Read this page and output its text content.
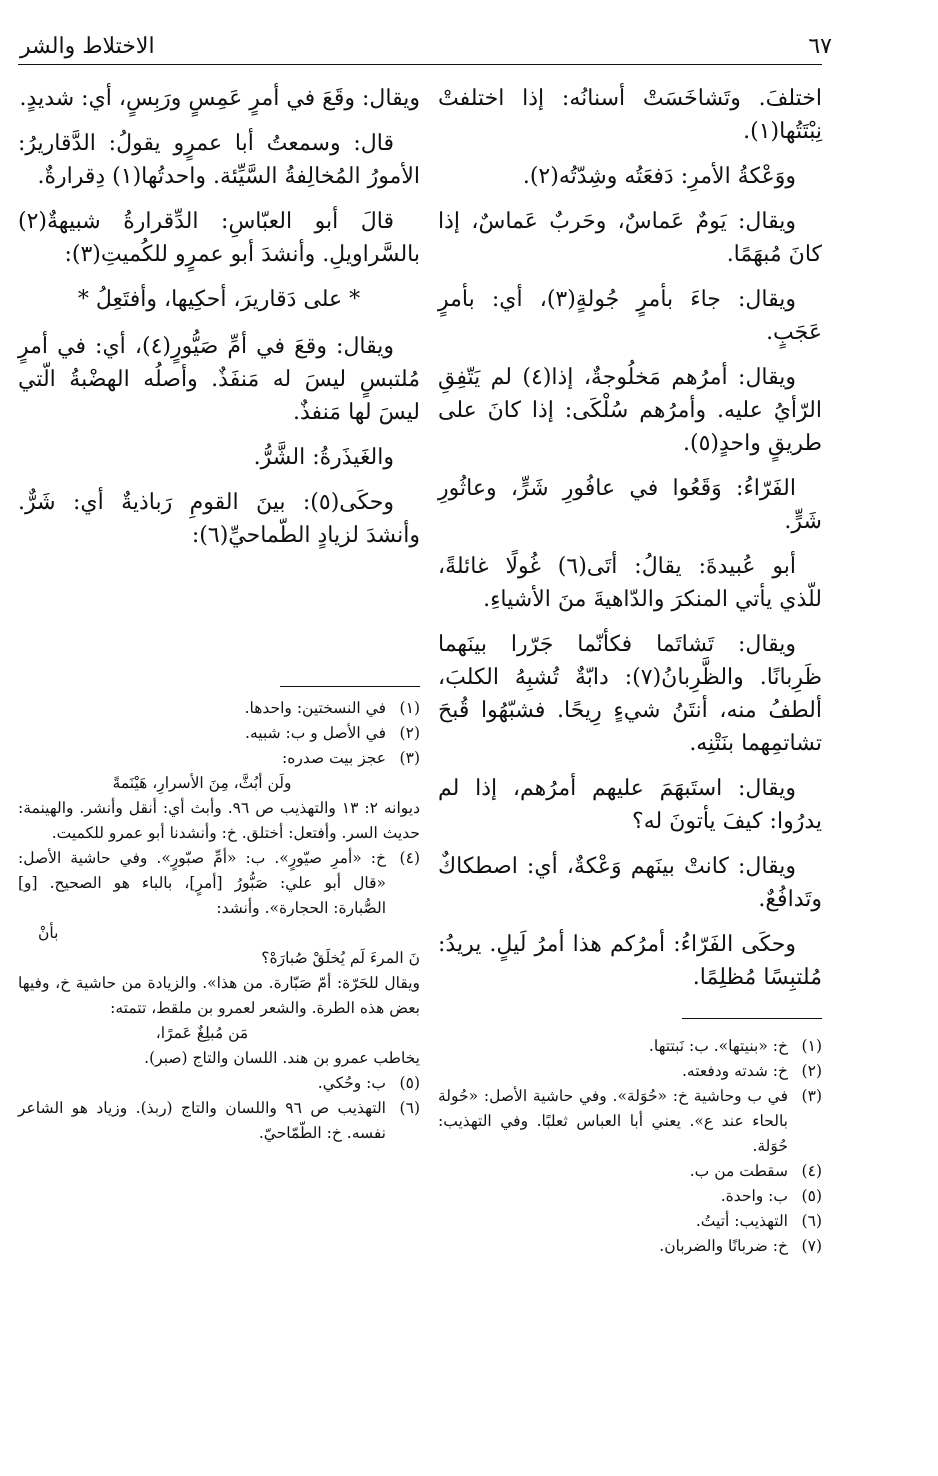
٦٧
الاختلاط والشر

اختلفَ. وتَشاخَسَتْ أسنانُه: إذا اختلفتْ نِبْتَتُها(١).

ووَعْكةُ الأمرِ: دَفعَتُه وشِدّتُه(٢).

ويقال: يَومٌ عَماسٌ، وحَربٌ عَماسٌ، إذا كانَ مُبهَمًا.

ويقال: جاءَ بأمرٍ جُولةٍ(٣)، أي: بأمرٍ عَجَبٍ.

ويقال: أمرُهم مَخلُوجةٌ، إذا(٤) لم يَتّفِقِ الرّأيُ عليه. وأمرُهم سُلْكَى: إذا كانَ على طريقٍ واحدٍ(٥).

الفَرّاءُ: وَقَعُوا في عافُورِ شَرٍّ، وعاثُورِ شَرٍّ.

أبو عُبيدةَ: يقالُ: أتَى(٦) غُولًا غائلةً، للّذي يأتي المنكرَ والدّاهيةَ منَ الأشياءِ.

ويقال: تَشاتَما فكأنّما جَرّرا بينَهما ظَرِبانًا. والظَّرِبانُ(٧): دابّةٌ تُشبِهُ الكلبَ، ألطفُ منه، أنتَنُ شيءٍ رِيحًا. فشبّهُوا قُبحَ تشاتمِهما بنَتْنِه.

ويقال: استَبهَمَ عليهم أمرُهم، إذا لم يدرُوا: كيفَ يأتونَ له؟

ويقال: كانتْ بينَهم وَعْكةٌ، أي: اصطكاكٌ وتَدافُعٌ.

وحكَى الفَرّاءُ: أمرُكم هذا أمرُ لَيلٍ. يريدُ: مُلتبِسًا مُظلِمًا.

(١)
خ: «بنيتها». ب: نَبتتها.
(٢)
خ: شدته ودفعته.
(٣)
في ب وحاشية خ: «حُوَلة». وفي حاشية الأصل: «حُولة بالحاء عند ع». يعني أبا العباس ثعلبًا. وفي التهذيب: حُوَلة.
(٤)
سقطت من ب.
(٥)
ب: واحدة.
(٦)
التهذيب: أتيتُ.
(٧)
خ: ضربانًا والضربان.

ويقال: وقَعَ في أمرٍ عَمِسٍ ورَبِسٍ، أي: شديدٍ.

قال: وسمعتُ أبا عمرٍو يقولُ: الدَّقاريرُ: الأمورُ المُخالِفةُ السَّيِّئة. واحدتُها(١) دِقرارةٌ.

قالَ أبو العبّاسِ: الدِّقرارةُ شبيهةٌ(٢) بالسَّراويلِ. وأنشدَ أبو عمرٍو للكُميتِ(٣):

* على دَقاريرَ، أحكِيها، وأفتَعِلُ *

ويقال: وقعَ في أمِّ صَيُّورٍ(٤)، أي: في أمرٍ مُلتبسٍ ليسَ له مَنفَذٌ. وأصلُه الهضْبةُ الّتي ليسَ لها مَنفذٌ.

والغَيذَرةُ: الشَّرُّ.

وحكَى(٥): بينَ القومِ رَباذيةٌ أي: شَرٌّ. وأنشدَ لزيادٍ الطّماحيِّ(٦):

(١)
في النسختين: واحدها.
(٢)
في الأصل و ب: شبيه.
(٣)
عجز بيت صدره:
ولَن أبُثَّ، مِنَ الأسرارِ، هَيْنَمةً
ديوانه ٢: ١٣ والتهذيب ص ٩٦. وأبث أي: أنقل وأنشر. والهينمة: حديث السر. وأفتعل: أختلق. خ: وأنشدنا أبو عمرو للكميت.
(٤)
خ: «أمرِ صيّورٍ». ب: «أمِّ صبّورٍ». وفي حاشية الأصل: «قال أبو علي: صَبُّورُ [أمرٍ]، بالباء هو الصحيح. [و] الصُّبارة: الحجارة». وأنشد:
بأنْ
نَ المرءَ لَم يُخلَقْ صُبارَهْ؟
ويقال للحَرّة: أمّ صَبّارة. من هذا». والزيادة من حاشية خ، وفيها بعض هذه الطرة. والشعر لعمرو بن ملقط، تتمته:
مَن مُبلِغٌ عَمرًا،
يخاطب عمرو بن هند. اللسان والتاج (صبر).
(٥)
ب: وحُكي.
(٦)
التهذيب ص ٩٦ واللسان والتاج (ربذ). وزياد هو الشاعر نفسه. خ: الطّمّاحيّ.
